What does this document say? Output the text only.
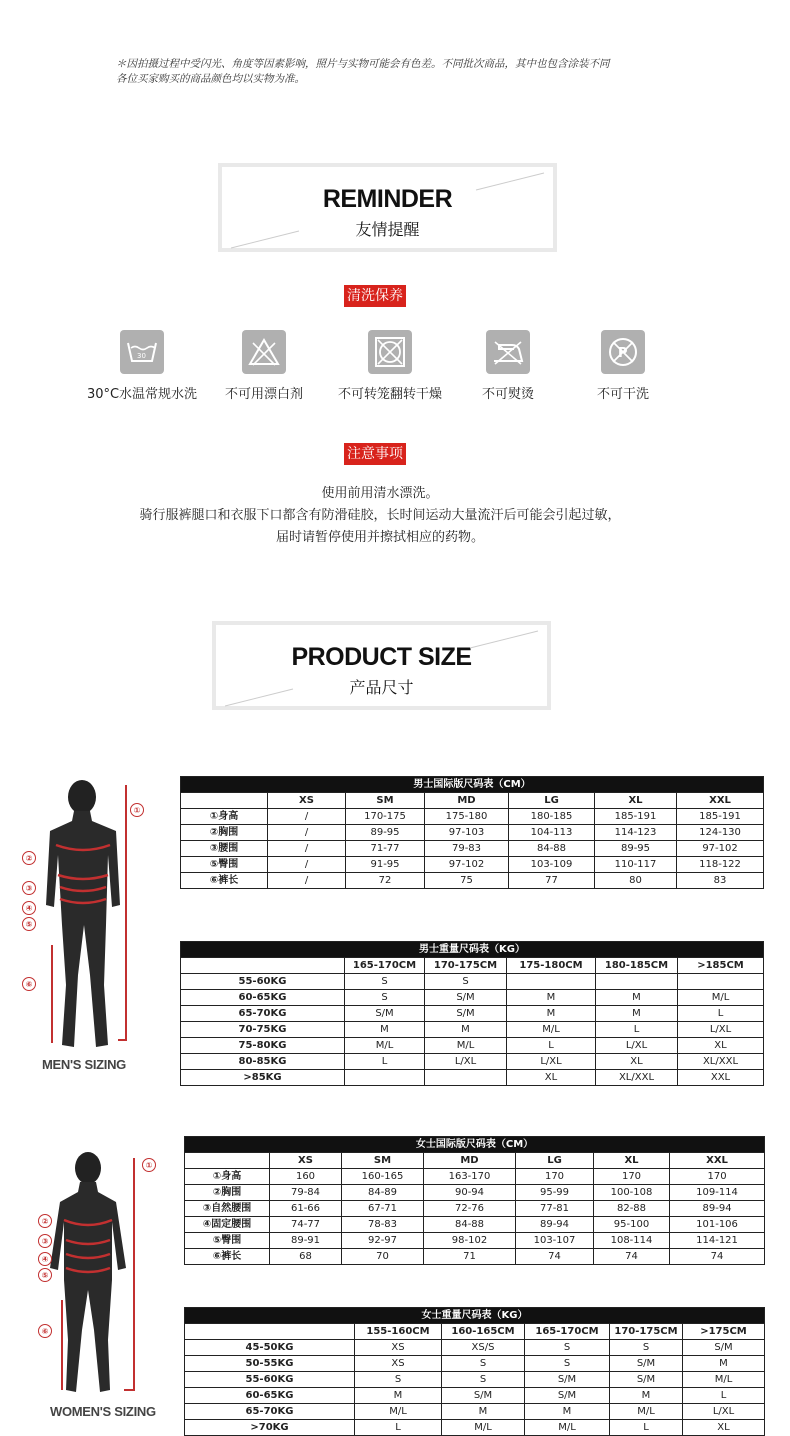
＊因拍摄过程中受闪光、角度等因素影响，照片与实物可能会有色差。不同批次商品，其中也包含涂装不同
各位买家购买的商品颜色均以实物为准。
REMINDER
友情提醒
清洗保养
30
30°C水温常规水洗	不可用漂白剂	不可转笼翻转干燥	不可熨烫
P
不可干洗
注意事项
使用前用清水漂洗。
骑行服裤腿口和衣服下口都含有防滑硅胶，长时间运动大量流汗后可能会引起过敏，
届时请暂停使用并擦拭相应的药物。
PRODUCT SIZE
产品尺寸
①
②
③
④
⑤
⑥
MEN'S SIZING
男士国际版尺码表（CM）						
	XS	SM	MD	LG	XL	XXL
①身高	/	170-175	175-180	180-185	185-191	185-191
②胸围	/	89-95	97-103	104-113	114-123	124-130
③腰围	/	71-77	79-83	84-88	89-95	97-102
⑤臀围	/	91-95	97-102	103-109	110-117	118-122
⑥裤长	/	72	75	77	80	83
男士重量尺码表（KG）					
	165-170CM	170-175CM	175-180CM	180-185CM	>185CM
55-60KG	S	S			
60-65KG	S	S/M	M	M	M/L
65-70KG	S/M	S/M	M	M	L
70-75KG	M	M	M/L	L	L/XL
75-80KG	M/L	M/L	L	L/XL	XL
80-85KG	L	L/XL	L/XL	XL	XL/XXL
>85KG			XL	XL/XXL	XXL
①
②
③
④
⑤
⑥
WOMEN'S SIZING
女士国际版尺码表（CM）						
	XS	SM	MD	LG	XL	XXL
①身高	160	160-165	163-170	170	170	170
②胸围	79-84	84-89	90-94	95-99	100-108	109-114
③自然腰围	61-66	67-71	72-76	77-81	82-88	89-94
④固定腰围	74-77	78-83	84-88	89-94	95-100	101-106
⑤臀围	89-91	92-97	98-102	103-107	108-114	114-121
⑥裤长	68	70	71	74	74	74
女士重量尺码表（KG）					
	155-160CM	160-165CM	165-170CM	170-175CM	>175CM
45-50KG	XS	XS/S	S	S	S/M
50-55KG	XS	S	S	S/M	M
55-60KG	S	S	S/M	S/M	M/L
60-65KG	M	S/M	S/M	M	L
65-70KG	M/L	M	M	M/L	L/XL
>70KG	L	M/L	M/L	L	XL
